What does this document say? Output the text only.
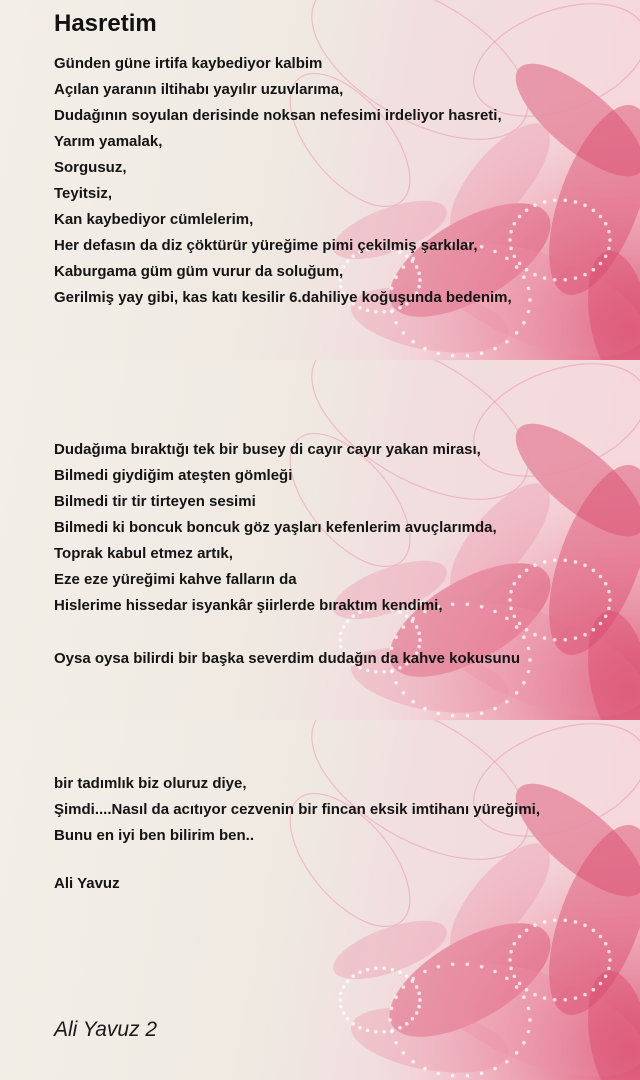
Hasretim
Günden güne irtifa kaybediyor kalbim
Açılan yaranın iltihabı yayılır uzuvlarıma,
Dudağının soyulan derisinde noksan nefesimi irdeliyor hasreti,
Yarım yamalak,
Sorgusuz,
Teyitsiz,
Kan kaybediyor cümlelerim,
Her defasın da diz çöktürür yüreğime pimi çekilmiş şarkılar,
Kaburgama güm güm vurur da soluğum,
Gerilmiş yay gibi, kas katı kesilir 6.dahiliye koğuşunda bedenim,
Dudağıma bıraktığı tek bir busey di cayır cayır yakan mirası,
Bilmedi giydiğim ateşten gömleği
Bilmedi tir tir tirteyen sesimi
Bilmedi ki boncuk boncuk göz yaşları kefenlerim avuçlarımda,
Toprak kabul etmez artık,
Eze eze yüreğimi kahve falların da
Hislerime hissedar isyankâr şiirlerde bıraktım kendimi,
Oysa oysa bilirdi bir başka severdim dudağın da kahve kokusunu
bir tadımlık biz oluruz diye,
Şimdi....Nasıl da acıtıyor cezvenin bir fincan eksik imtihanı yüreğimi,
Bunu en iyi ben bilirim ben..

Ali Yavuz

Ali Yavuz 2
